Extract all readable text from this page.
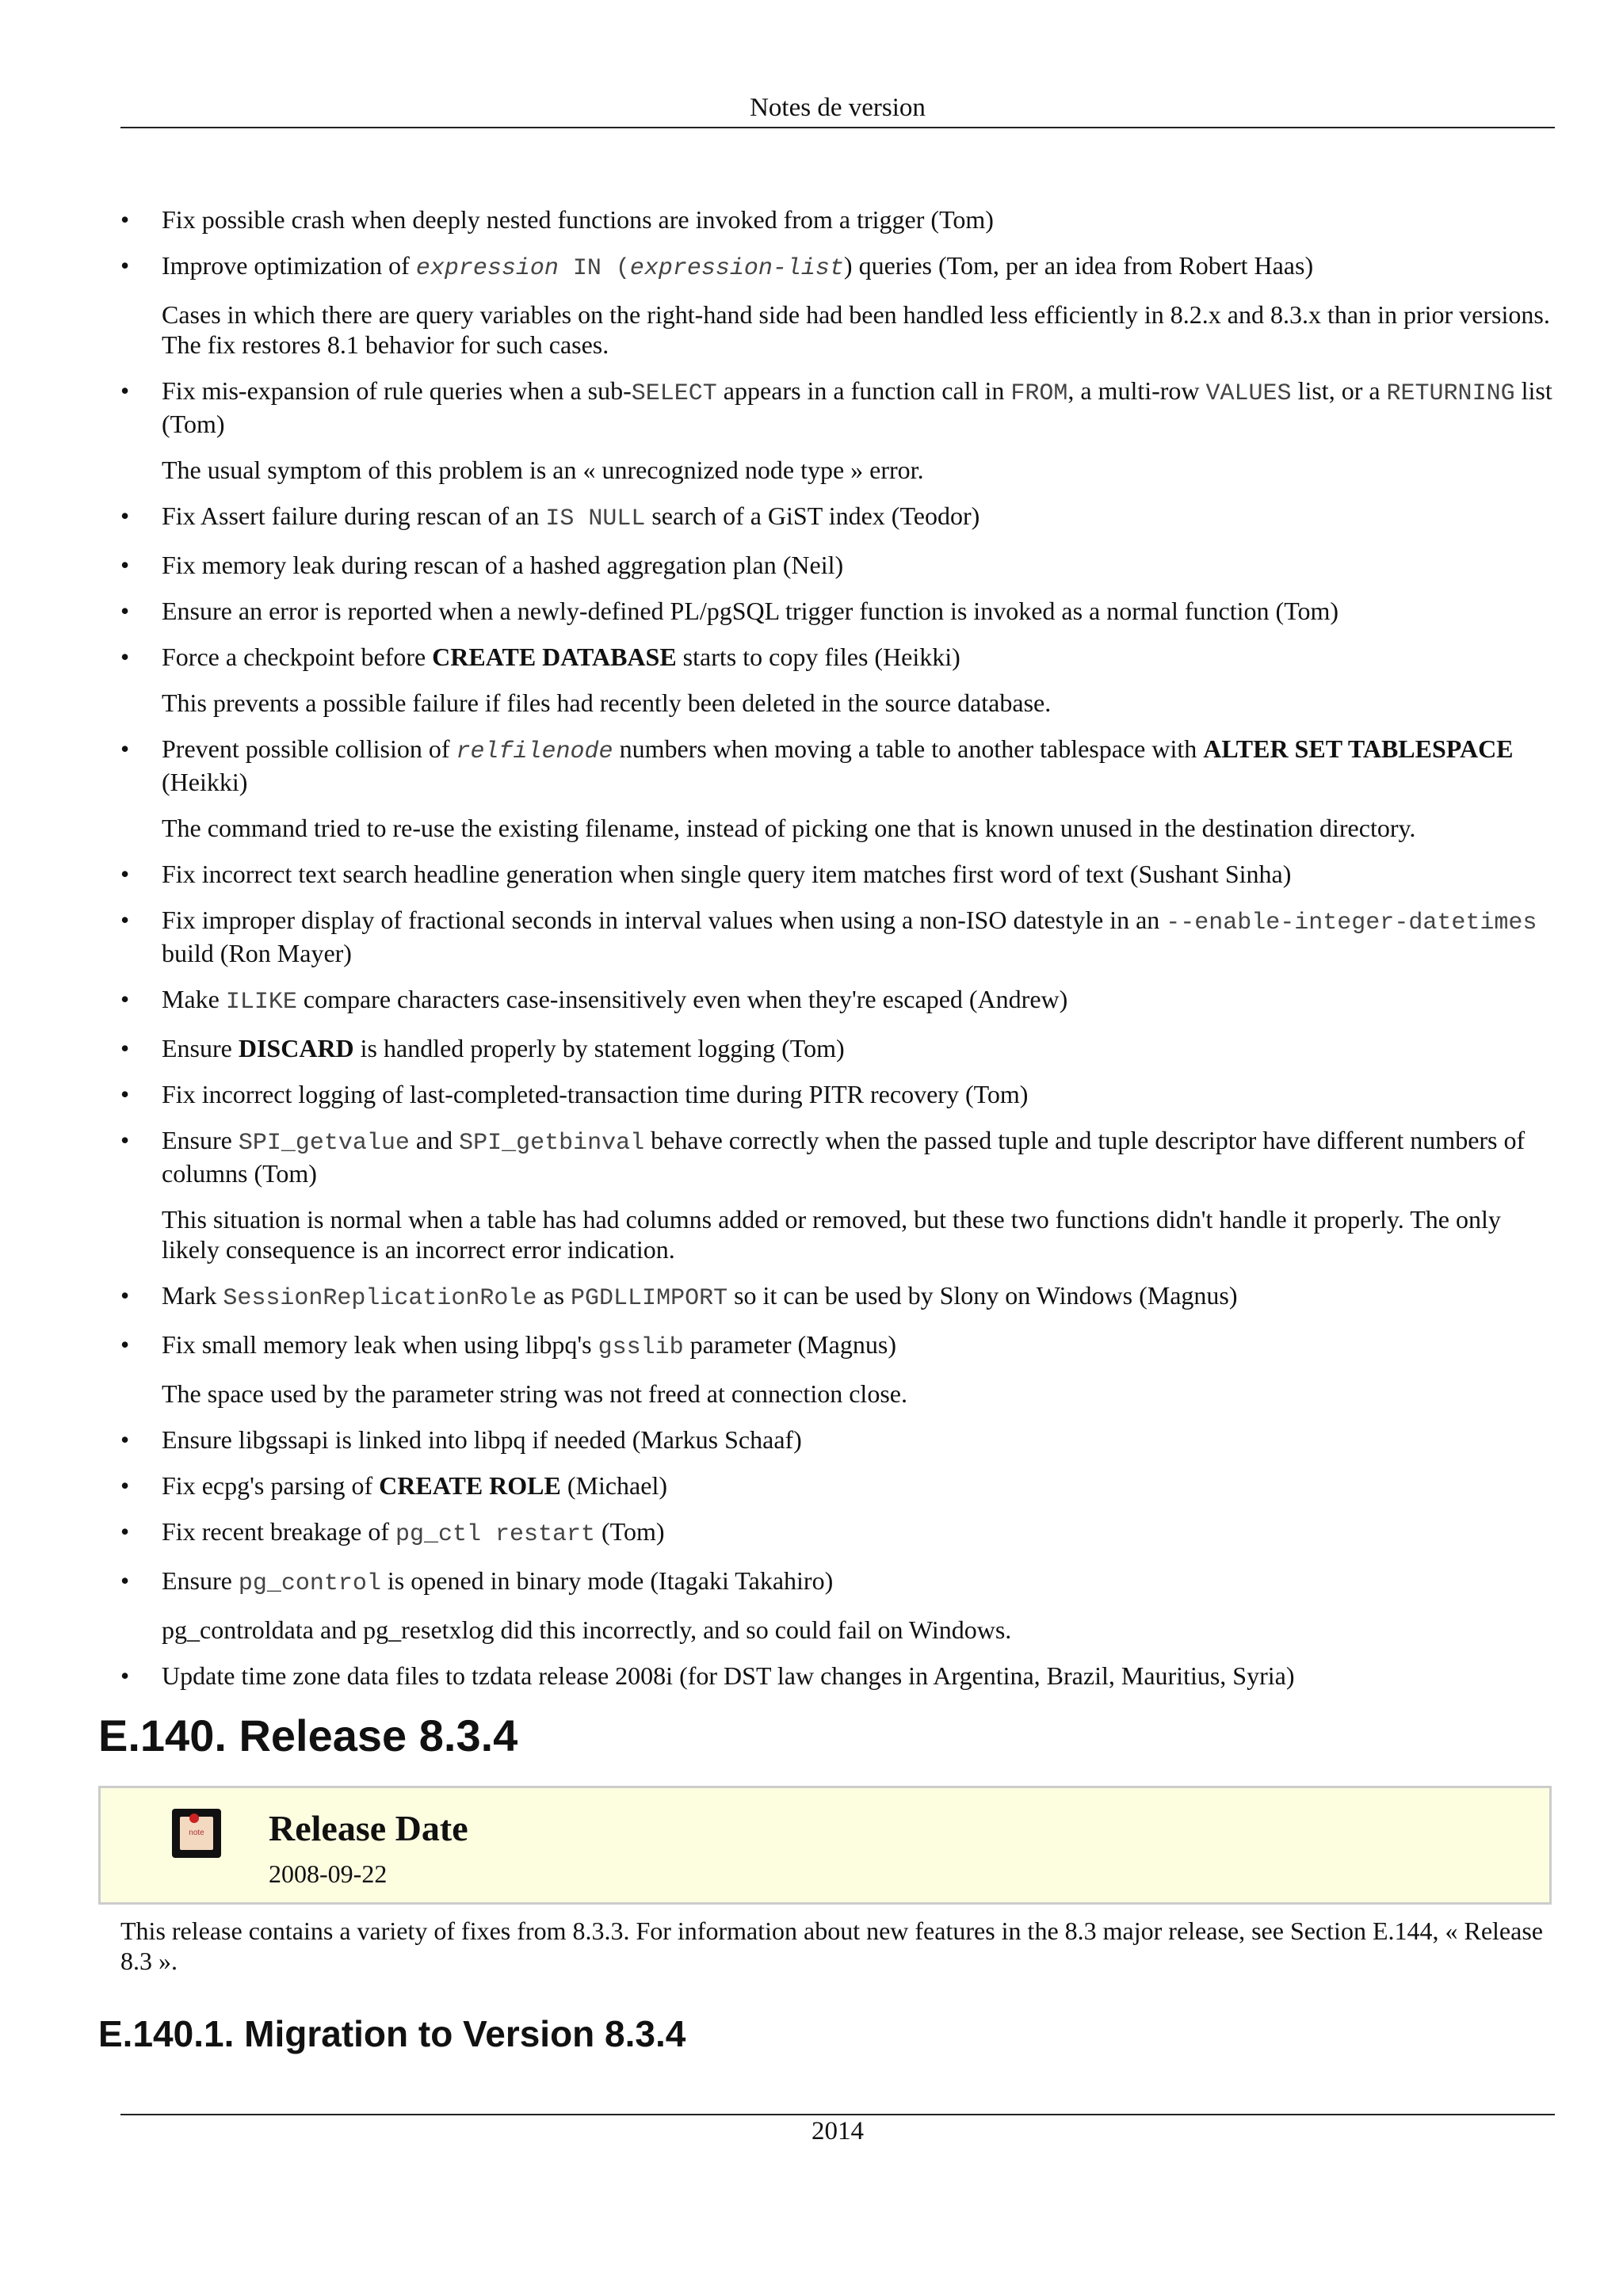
Notes de version
• Fix possible crash when deeply nested functions are invoked from a trigger (Tom)
• Improve optimization of expression IN (expression-list) queries (Tom, per an idea from Robert Haas)
Cases in which there are query variables on the right-hand side had been handled less efficiently in 8.2.x and 8.3.x than in prior versions. The fix restores 8.1 behavior for such cases.
• Fix mis-expansion of rule queries when a sub-SELECT appears in a function call in FROM, a multi-row VALUES list, or a RETURNING list (Tom)
The usual symptom of this problem is an « unrecognized node type » error.
• Fix Assert failure during rescan of an IS NULL search of a GiST index (Teodor)
• Fix memory leak during rescan of a hashed aggregation plan (Neil)
• Ensure an error is reported when a newly-defined PL/pgSQL trigger function is invoked as a normal function (Tom)
• Force a checkpoint before CREATE DATABASE starts to copy files (Heikki)
This prevents a possible failure if files had recently been deleted in the source database.
• Prevent possible collision of relfilenode numbers when moving a table to another tablespace with ALTER SET TABLESPACE (Heikki)
The command tried to re-use the existing filename, instead of picking one that is known unused in the destination directory.
• Fix incorrect text search headline generation when single query item matches first word of text (Sushant Sinha)
• Fix improper display of fractional seconds in interval values when using a non-ISO datestyle in an --enable-integer-datetimes build (Ron Mayer)
• Make ILIKE compare characters case-insensitively even when they're escaped (Andrew)
• Ensure DISCARD is handled properly by statement logging (Tom)
• Fix incorrect logging of last-completed-transaction time during PITR recovery (Tom)
• Ensure SPI_getvalue and SPI_getbinval behave correctly when the passed tuple and tuple descriptor have different numbers of columns (Tom)
This situation is normal when a table has had columns added or removed, but these two functions didn't handle it properly. The only likely consequence is an incorrect error indication.
• Mark SessionReplicationRole as PGDLLIMPORT so it can be used by Slony on Windows (Magnus)
• Fix small memory leak when using libpq's gsslib parameter (Magnus)
The space used by the parameter string was not freed at connection close.
• Ensure libgssapi is linked into libpq if needed (Markus Schaaf)
• Fix ecpg's parsing of CREATE ROLE (Michael)
• Fix recent breakage of pg_ctl restart (Tom)
• Ensure pg_control is opened in binary mode (Itagaki Takahiro)
pg_controldata and pg_resetxlog did this incorrectly, and so could fail on Windows.
• Update time zone data files to tzdata release 2008i (for DST law changes in Argentina, Brazil, Mauritius, Syria)
E.140. Release 8.3.4
note Release Date
2008-09-22
This release contains a variety of fixes from 8.3.3. For information about new features in the 8.3 major release, see Section E.144, « Release 8.3 ».
E.140.1. Migration to Version 8.3.4
2014
